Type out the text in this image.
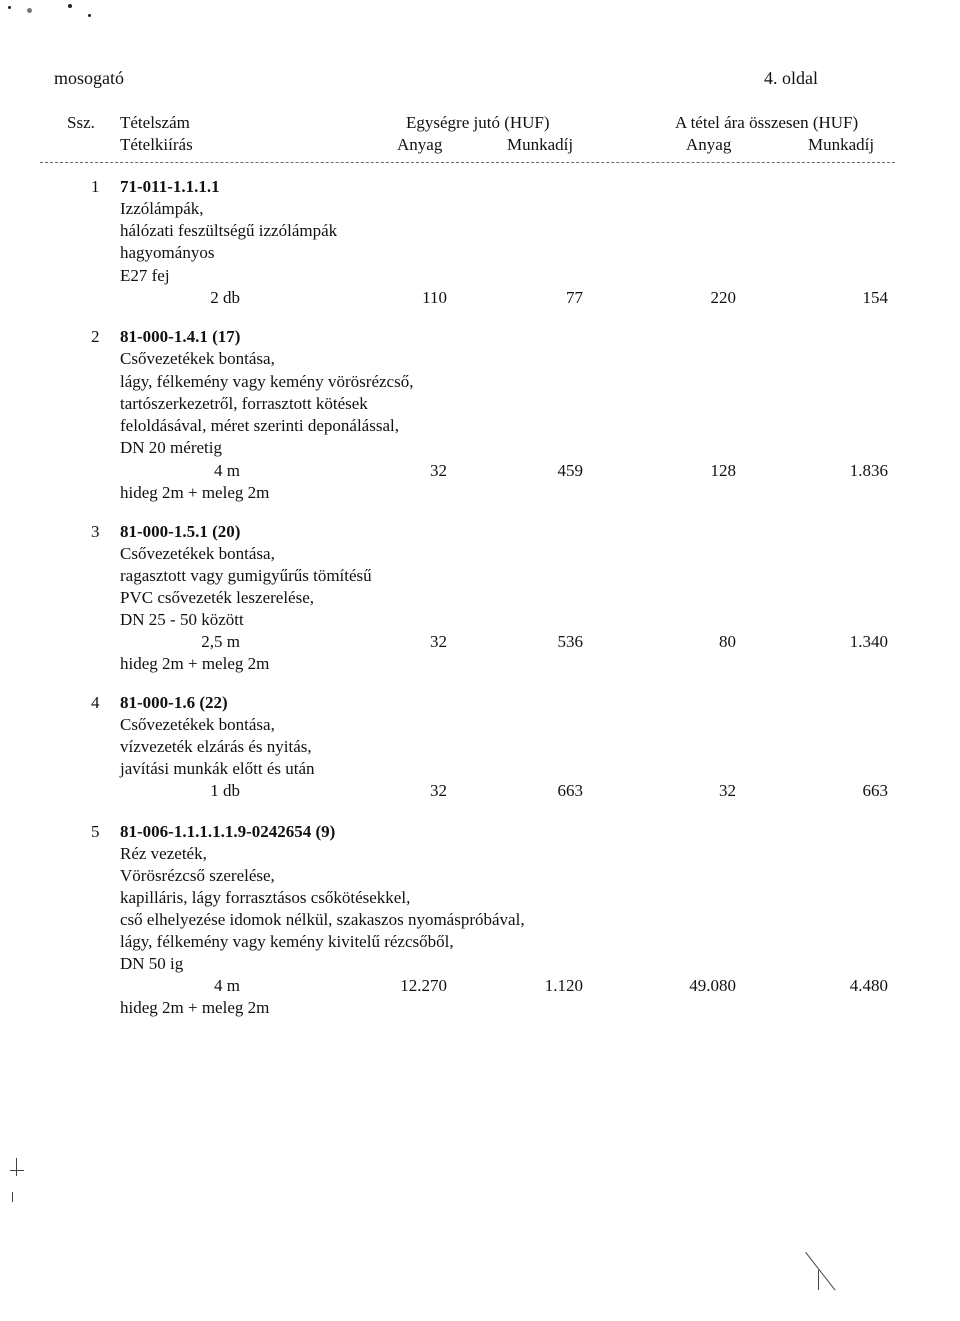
mosogató	4. oldal
Ssz. Tételszám
Tételkiírás
Egységre jutó (HUF)
Anyag	Munkadíj
A tétel ára összesen (HUF)
Anyag	Munkadíj
1 71-011-1.1.1.1
Izzólámpák,
hálózati feszültségű izzólámpák
hagyományos
E27 fej
2 db	110	77	220	154
2 81-000-1.4.1 (17)
Csővezetékek bontása,
lágy, félkemény vagy kemény vörösrézcső,
tartószerkezetről, forrasztott kötések
feloldásával, méret szerinti deponálással,
DN 20 méretig
4 m	32	459	128	1.836
hideg 2m + meleg 2m
3 81-000-1.5.1 (20)
Csővezetékek bontása,
ragasztott vagy gumigyűrűs tömítésű
PVC csővezeték leszerelése,
DN 25 - 50 között
2,5 m	32	536	80	1.340
hideg 2m + meleg 2m
4 81-000-1.6 (22)
Csővezetékek bontása,
vízvezeték elzárás és nyitás,
javítási munkák előtt és után
1 db	32	663	32	663
5 81-006-1.1.1.1.1.9-0242654 (9)
Réz vezeték,
Vörösrézcső szerelése,
kapilláris, lágy forrasztásos csőkötésekkel,
cső elhelyezése idomok nélkül, szakaszos nyomáspróbával,
lágy, félkemény vagy kemény kivitelű rézcsőből,
DN 50 ig
4 m	12.270	1.120	49.080	4.480
hideg 2m + meleg 2m
